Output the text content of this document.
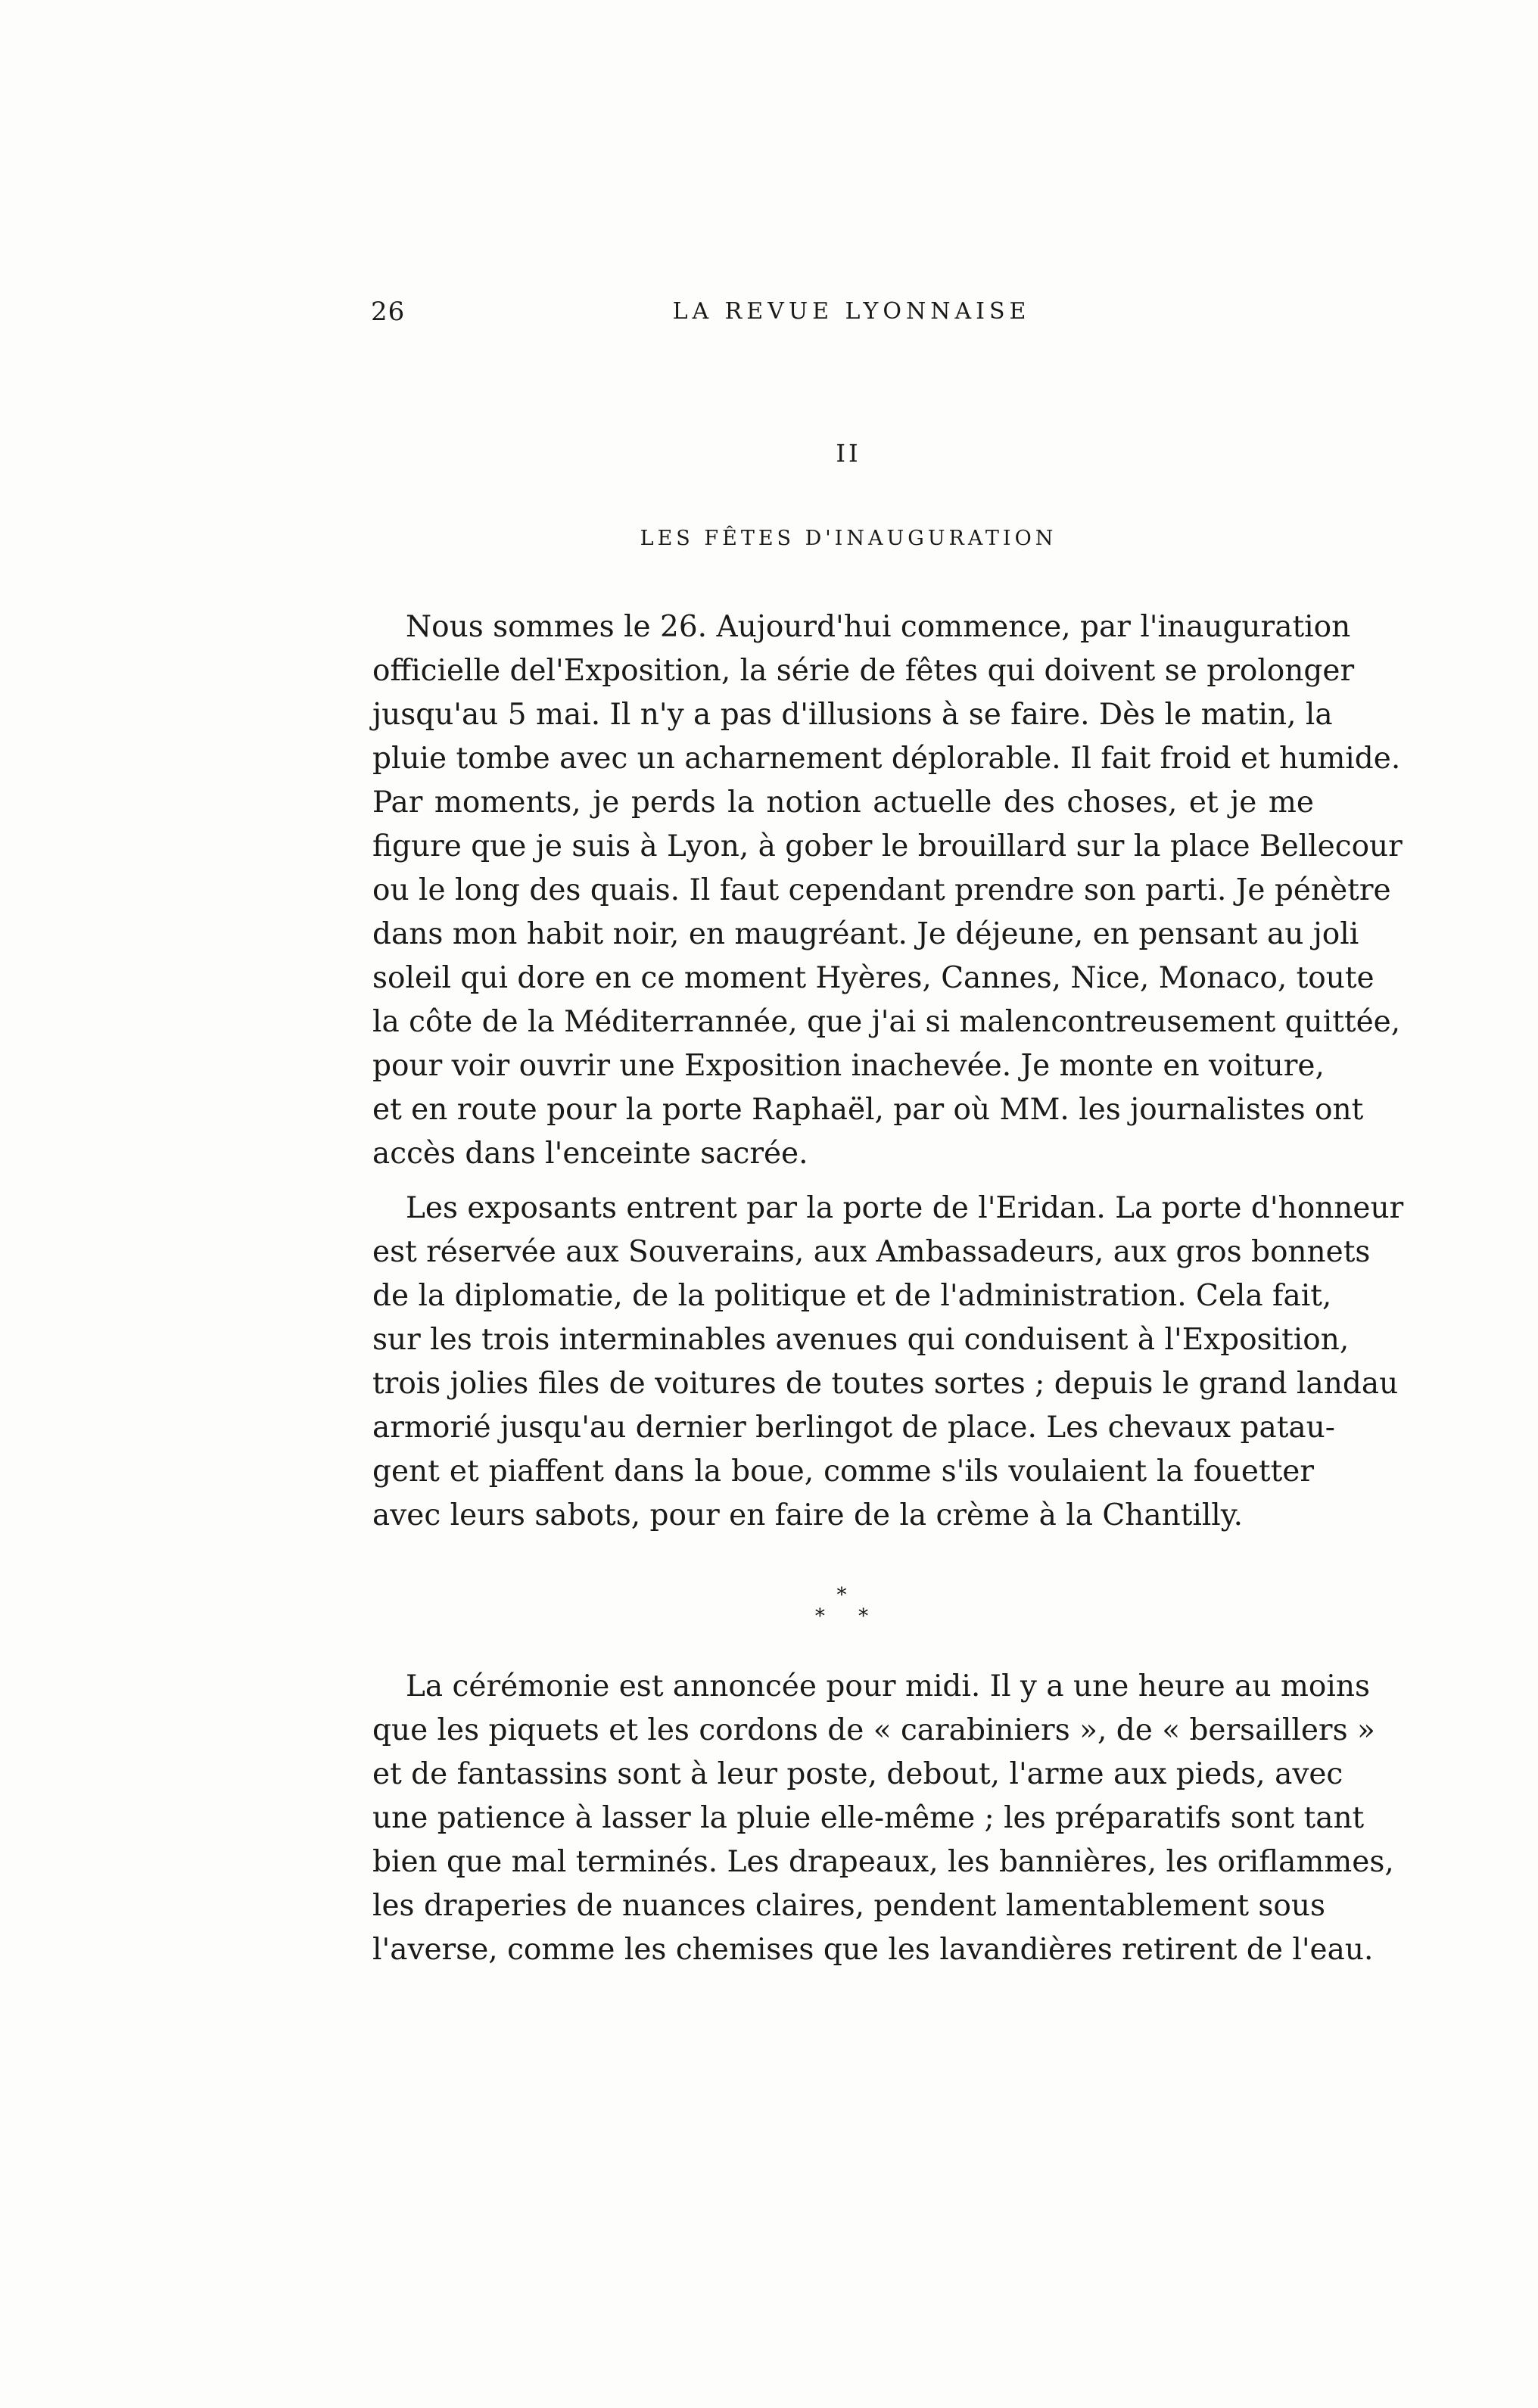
26	LA REVUE LYONNAISE
II
LES FÊTES D'INAUGURATION
Nous sommes le 26. Aujourd'hui commence, par l'inauguration
officielle del'Exposition, la série de fêtes qui doivent se prolonger
jusqu'au 5 mai. Il n'y a pas d'illusions à se faire. Dès le matin, la
pluie tombe avec un acharnement déplorable. Il fait froid et humide.
Par moments, je perds la notion actuelle des choses, et je me
figure que je suis à Lyon, à gober le brouillard sur la place Bellecour
ou le long des quais. Il faut cependant prendre son parti. Je pénètre
dans mon habit noir, en maugréant. Je déjeune, en pensant au joli
soleil qui dore en ce moment Hyères, Cannes, Nice, Monaco, toute
la côte de la Méditerrannée, que j'ai si malencontreusement quittée,
pour voir ouvrir une Exposition inachevée. Je monte en voiture,
et en route pour la porte Raphaël, par où MM. les journalistes ont
accès dans l'enceinte sacrée.
Les exposants entrent par la porte de l'Eridan. La porte d'honneur
est réservée aux Souverains, aux Ambassadeurs, aux gros bonnets
de la diplomatie, de la politique et de l'administration. Cela fait,
sur les trois interminables avenues qui conduisent à l'Exposition,
trois jolies files de voitures de toutes sortes ; depuis le grand landau
armorié jusqu'au dernier berlingot de place. Les chevaux patau-
gent et piaffent dans la boue, comme s'ils voulaient la fouetter
avec leurs sabots, pour en faire de la crème à la Chantilly.
*
* *
La cérémonie est annoncée pour midi. Il y a une heure au moins
que les piquets et les cordons de « carabiniers », de « bersaillers »
et de fantassins sont à leur poste, debout, l'arme aux pieds, avec
une patience à lasser la pluie elle-même ; les préparatifs sont tant
bien que mal terminés. Les drapeaux, les bannières, les oriflammes,
les draperies de nuances claires, pendent lamentablement sous
l'averse, comme les chemises que les lavandières retirent de l'eau.
